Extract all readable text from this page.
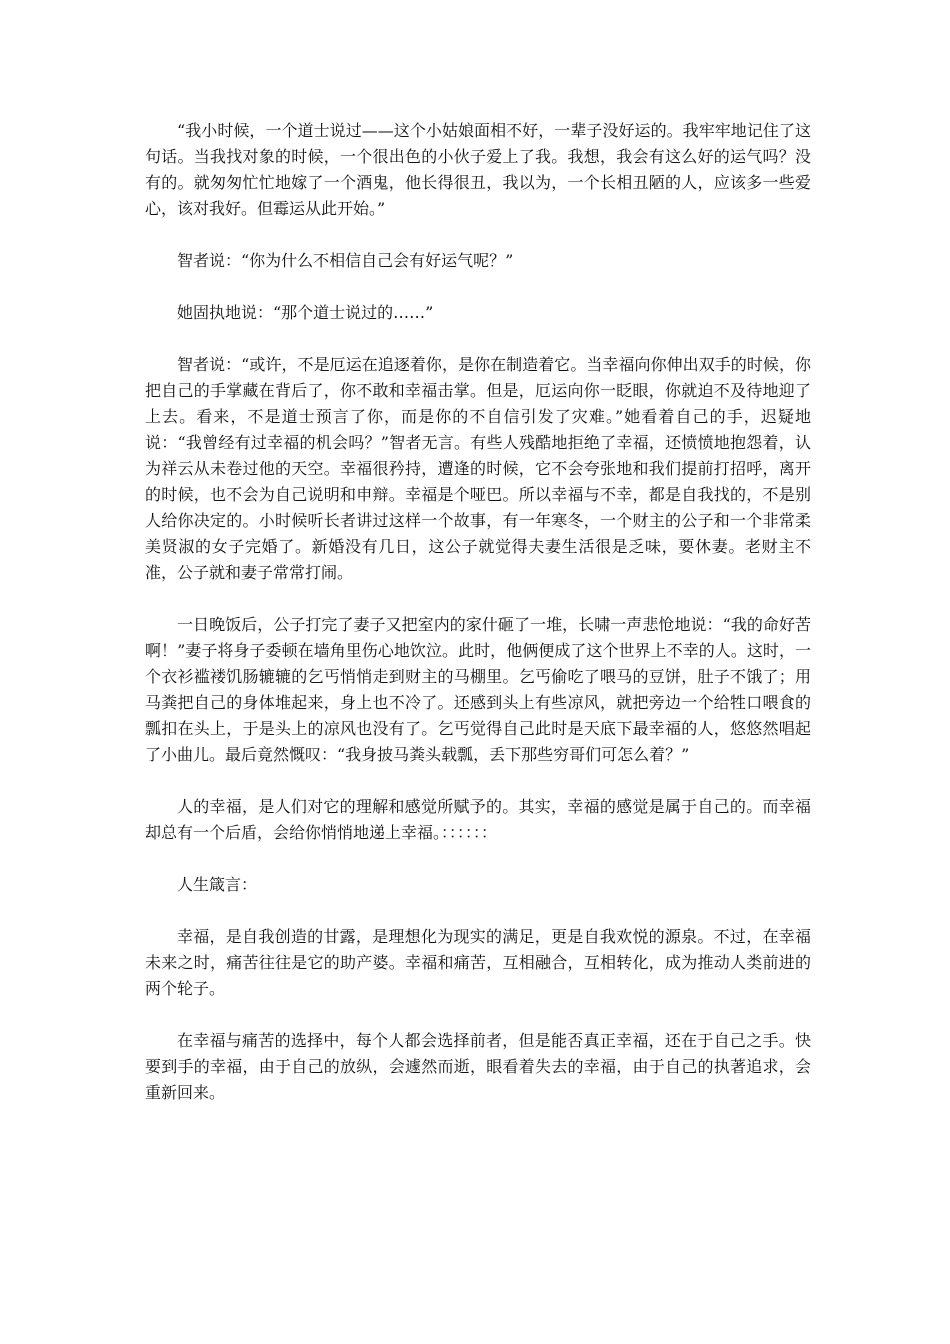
“我小时候，一个道士说过——这个小姑娘面相不好，一辈子没好运的。我牢牢地记住了这句话。当我找对象的时候，一个很出色的小伙子爱上了我。我想，我会有这么好的运气吗？没有的。就匆匆忙忙地嫁了一个酒鬼，他长得很丑，我以为，一个长相丑陋的人，应该多一些爱心，该对我好。但霉运从此开始。”

智者说：“你为什么不相信自己会有好运气呢？”

她固执地说：“那个道士说过的……”

智者说：“或许，不是厄运在追逐着你，是你在制造着它。当幸福向你伸出双手的时候，你把自己的手掌藏在背后了，你不敢和幸福击掌。但是，厄运向你一眨眼，你就迫不及待地迎了上去。看来，不是道士预言了你，而是你的不自信引发了灾难。”她看着自己的手，迟疑地说：“我曾经有过幸福的机会吗？”智者无言。有些人残酷地拒绝了幸福，还愤愤地抱怨着，认为祥云从未卷过他的天空。幸福很矜持，遭逢的时候，它不会夸张地和我们提前打招呼，离开的时候，也不会为自己说明和申辩。幸福是个哑巴。所以幸福与不幸，都是自我找的，不是别人给你决定的。小时候听长者讲过这样一个故事，有一年寒冬，一个财主的公子和一个非常柔美贤淑的女子完婚了。新婚没有几日，这公子就觉得夫妻生活很是乏味，要休妻。老财主不准，公子就和妻子常常打闹。

一日晚饭后，公子打完了妻子又把室内的家什砸了一堆，长啸一声悲怆地说：“我的命好苦啊！”妻子将身子委顿在墙角里伤心地饮泣。此时，他俩便成了这个世界上不幸的人。这时，一个衣衫褴褛饥肠辘辘的乞丐悄悄走到财主的马棚里。乞丐偷吃了喂马的豆饼，肚子不饿了；用马粪把自己的身体堆起来，身上也不冷了。还感到头上有些凉风，就把旁边一个给牲口喂食的瓢扣在头上，于是头上的凉风也没有了。乞丐觉得自己此时是天底下最幸福的人，悠悠然唱起了小曲儿。最后竟然慨叹：“我身披马粪头载瓢，丢下那些穷哥们可怎么着？”

人的幸福，是人们对它的理解和感觉所赋予的。其实，幸福的感觉是属于自己的。而幸福却总有一个后盾，会给你悄悄地递上幸福。：：：：：：

人生箴言：

幸福，是自我创造的甘露，是理想化为现实的满足，更是自我欢悦的源泉。不过，在幸福未来之时，痛苦往往是它的助产婆。幸福和痛苦，互相融合，互相转化，成为推动人类前进的两个轮子。

在幸福与痛苦的选择中，每个人都会选择前者，但是能否真正幸福，还在于自己之手。快要到手的幸福，由于自己的放纵，会遽然而逝，眼看着失去的幸福，由于自己的执著追求，会重新回来。
